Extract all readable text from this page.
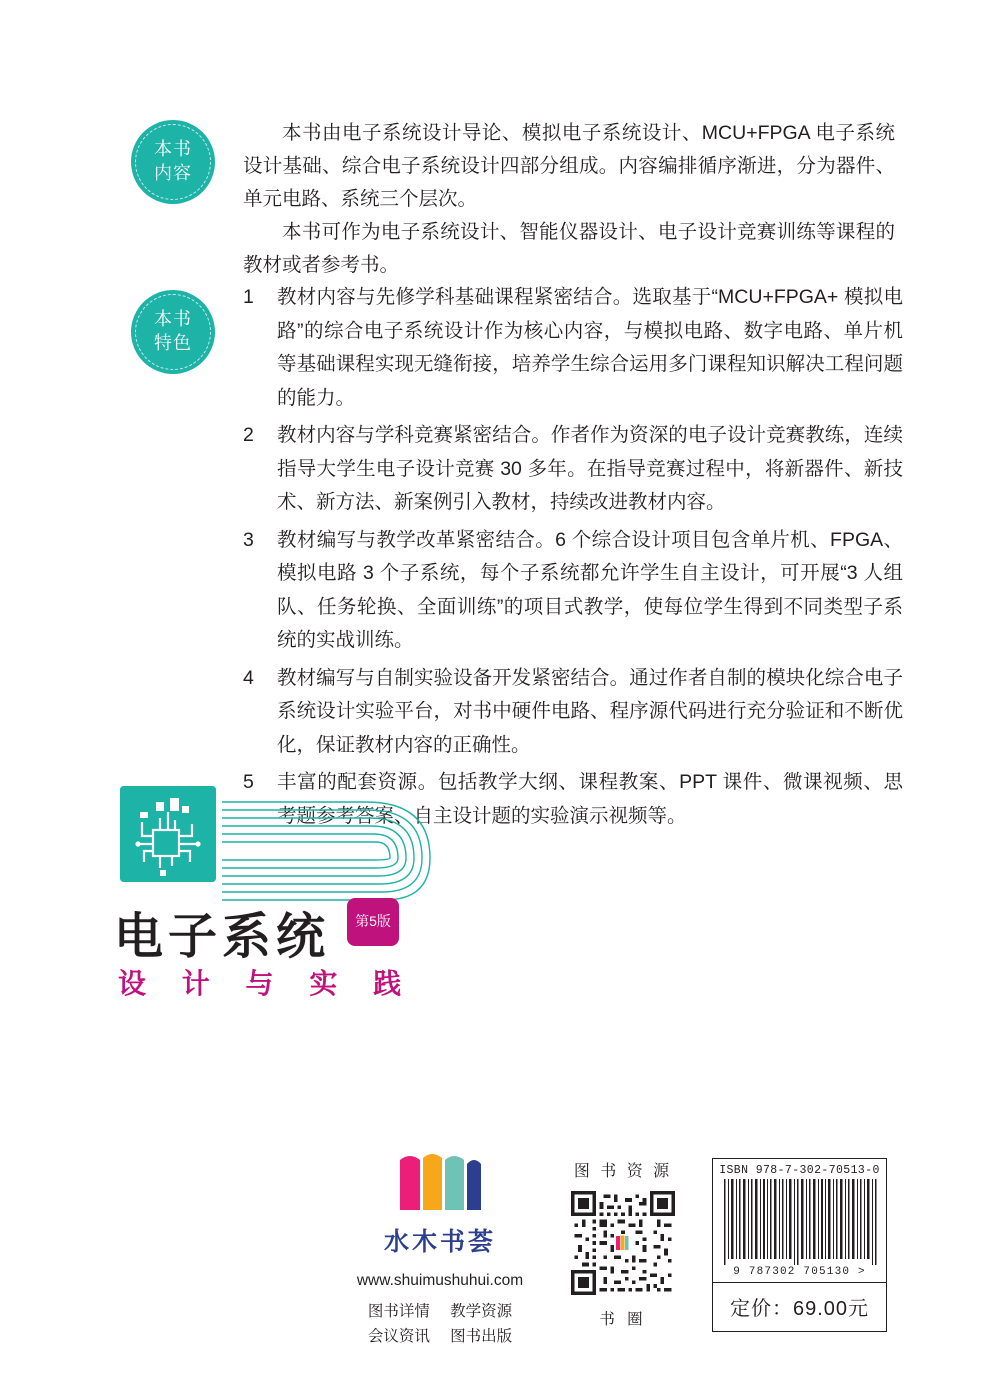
本书
内容
本书
特色

本书由电子系统设计导论、模拟电子系统设计、MCU+FPGA 电子系统设计基础、综合电子系统设计四部分组成。内容编排循序渐进，分为器件、单元电路、系统三个层次。

本书可作为电子系统设计、智能仪器设计、电子设计竞赛训练等课程的教材或者参考书。

1	教材内容与先修学科基础课程紧密结合。选取基于“MCU+FPGA+ 模拟电路”的综合电子系统设计作为核心内容，与模拟电路、数字电路、单片机等基础课程实现无缝衔接，培养学生综合运用多门课程知识解决工程问题的能力。
2	教材内容与学科竞赛紧密结合。作者作为资深的电子设计竞赛教练，连续指导大学生电子设计竞赛 30 多年。在指导竞赛过程中，将新器件、新技术、新方法、新案例引入教材，持续改进教材内容。
3	教材编写与教学改革紧密结合。6 个综合设计项目包含单片机、FPGA、模拟电路 3 个子系统，每个子系统都允许学生自主设计，可开展“3 人组队、任务轮换、全面训练”的项目式教学，使每位学生得到不同类型子系统的实战训练。
4	教材编写与自制实验设备开发紧密结合。通过作者自制的模块化综合电子系统设计实验平台，对书中硬件电路、程序源代码进行充分验证和不断优化，保证教材内容的正确性。
5	丰富的配套资源。包括教学大纲、课程教案、PPT 课件、微课视频、思考题参考答案、自主设计题的实验演示视频等。
电子系统 第 5 版
设 计 与 实 践
水木书荟
www.shuimushuhui.com
图书详情 教学资源
会议资讯 图书出版
图 书 资 源
书 圈
ISBN 978-7-302-70513-0
9 787302 705130 >
定价：69.00元
